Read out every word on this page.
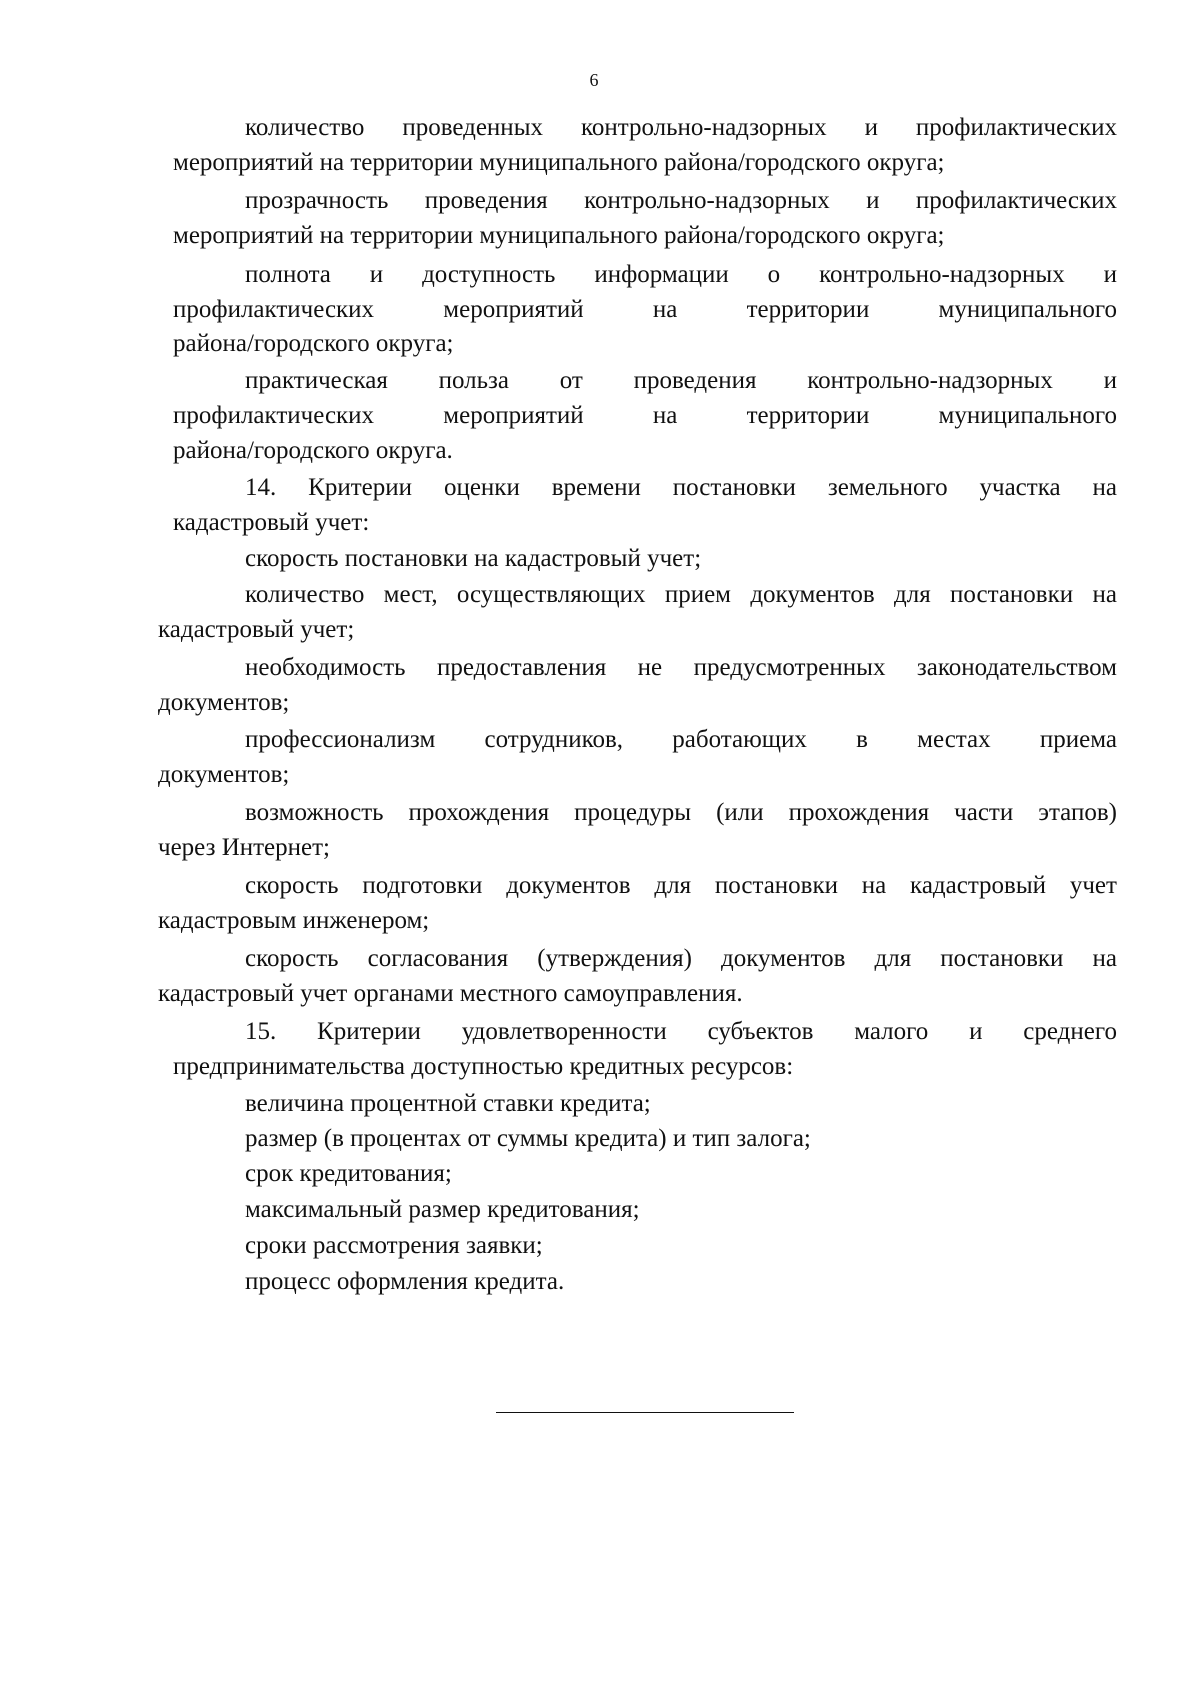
6
количество проведенных контрольно-надзорных и профилактических
мероприятий на территории муниципального района/городского округа;
прозрачность проведения контрольно-надзорных и профилактических
мероприятий на территории муниципального района/городского округа;
полнота и доступность информации о контрольно-надзорных и
профилактических	мероприятий	на	территории	муниципального
района/городского округа;
практическая польза от проведения контрольно-надзорных и
профилактических	мероприятий	на	территории	муниципального
района/городского округа.
14. Критерии оценки времени постановки земельного участка на
кадастровый учет:
скорость постановки на кадастровый учет;
количество мест, осуществляющих прием документов для постановки на
кадастровый учет;
необходимость предоставления не предусмотренных законодательством
документов;
профессионализм сотрудников, работающих в местах приема
документов;
возможность прохождения процедуры (или прохождения части этапов)
через Интернет;
скорость подготовки документов для постановки на кадастровый учет
кадастровым инженером;
скорость согласования (утверждения) документов для постановки на
кадастровый учет органами местного самоуправления.
15. Критерии удовлетворенности субъектов малого и среднего
предпринимательства доступностью кредитных ресурсов:
величина процентной ставки кредита;
размер (в процентах от суммы кредита) и тип залога;
срок кредитования;
максимальный размер кредитования;
сроки рассмотрения заявки;
процесс оформления кредита.
